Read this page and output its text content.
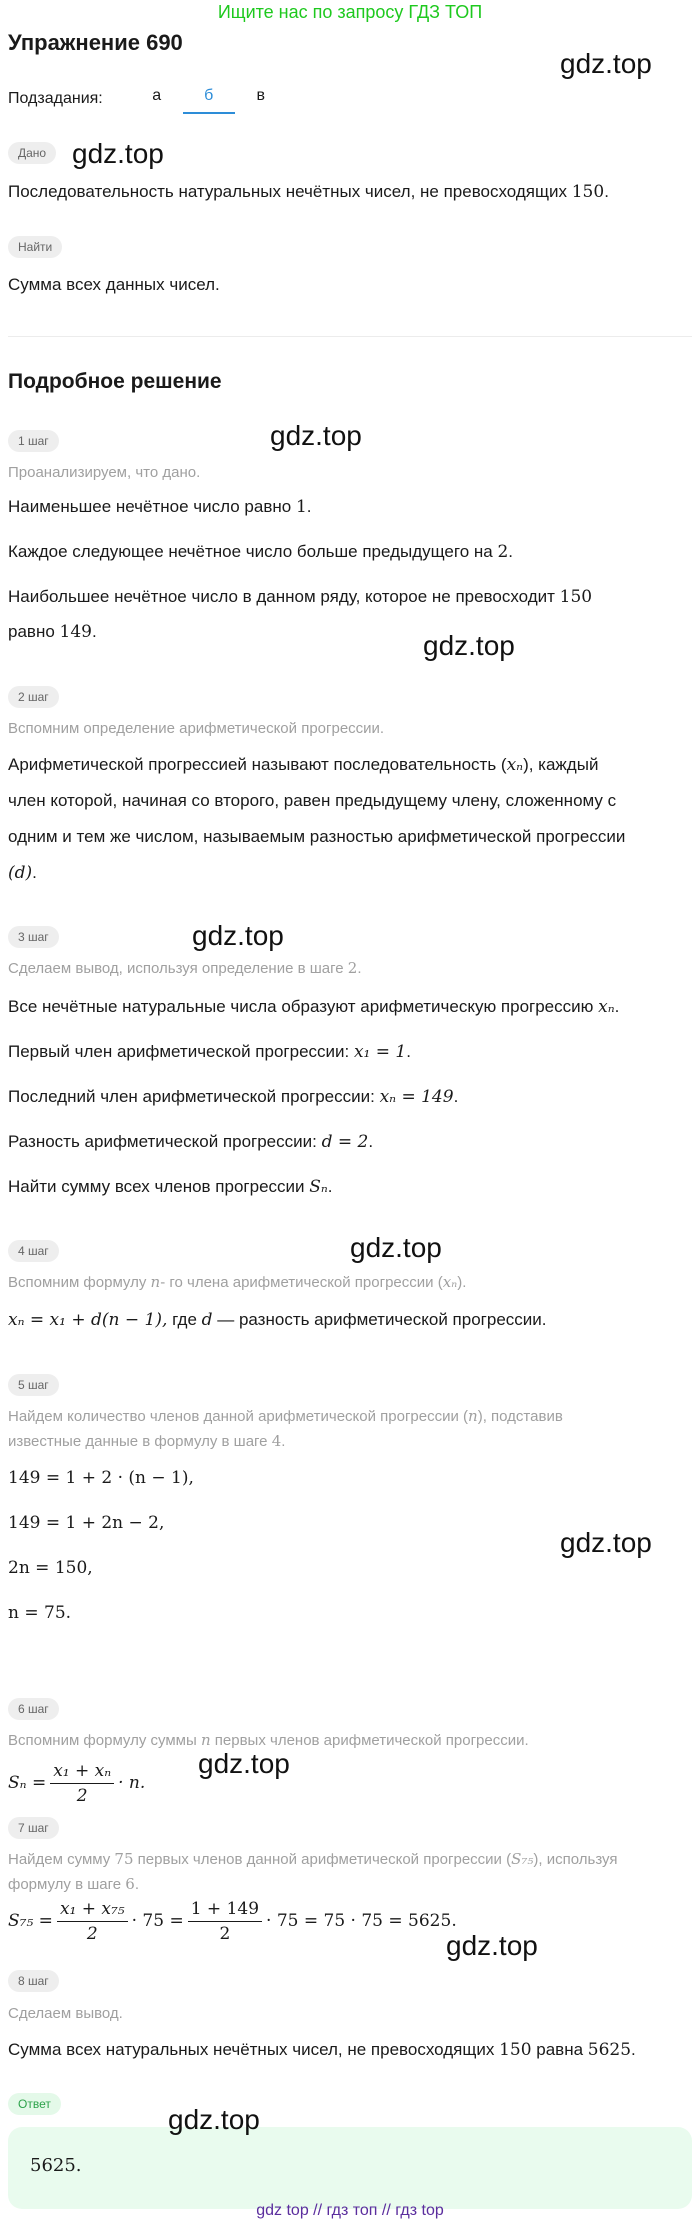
Ищите нас по запросу ГДЗ ТОП
Упражнение 690
Подзадания:	а	б	в
Дано
Последовательность натуральных нечётных чисел, не превосходящих 150.
Найти
Сумма всех данных чисел.
Подробное решение
1 шаг
Проанализируем, что дано.
Наименьшее нечётное число равно 1.
Каждое следующее нечётное число больше предыдущего на 2.
Наибольшее нечётное число в данном ряду, которое не превосходит 150
равно 149.
2 шаг
Вспомним определение арифметической прогрессии.
Арифметической прогрессией называют последовательность (xₙ), каждый
член которой, начиная со второго, равен предыдущему члену, сложенному с
одним и тем же числом, называемым разностью арифметической прогрессии
(d).
3 шаг
Сделаем вывод, используя определение в шаге 2.
Все нечётные натуральные числа образуют арифметическую прогрессию xₙ.
Первый член арифметической прогрессии: x₁ = 1.
Последний член арифметической прогрессии: xₙ = 149.
Разность арифметической прогрессии: d = 2.
Найти сумму всех членов прогрессии Sₙ.
4 шаг
Вспомним формулу n- го члена арифметической прогрессии (xₙ).
xₙ = x₁ + d(n − 1), где d — разность арифметической прогрессии.
5 шаг
Найдем количество членов данной арифметической прогрессии (n), подставив
известные данные в формулу в шаге 4.
149 = 1 + 2 · (n − 1),
149 = 1 + 2n − 2,
2n = 150,
n = 75.
6 шаг
Вспомним формулу суммы n первых членов арифметической прогрессии.
$S_n = \frac{\text{x₁ + xₙ}}{2} \cdot n$.
7 шаг
Найдем сумму 75 первых членов данной арифметической прогрессии (S₇₅), используя
формулу в шаге 6.
$S_{75} = \frac{\text{x₁ + x₇₅}}{2} \cdot 75 = \frac{1 + 149}{2} \cdot 75 = 75 \cdot 75 = 5625$.
8 шаг
Сделаем вывод.
Сумма всех натуральных нечётных чисел, не превосходящих 150 равна 5625.
Ответ
5625.
gdz.top
gdz.top
gdz.top
gdz.top
gdz.top
gdz.top
gdz.top
gdz.top
gdz.top
gdz.top
gdz top // гдз топ // гдз top
